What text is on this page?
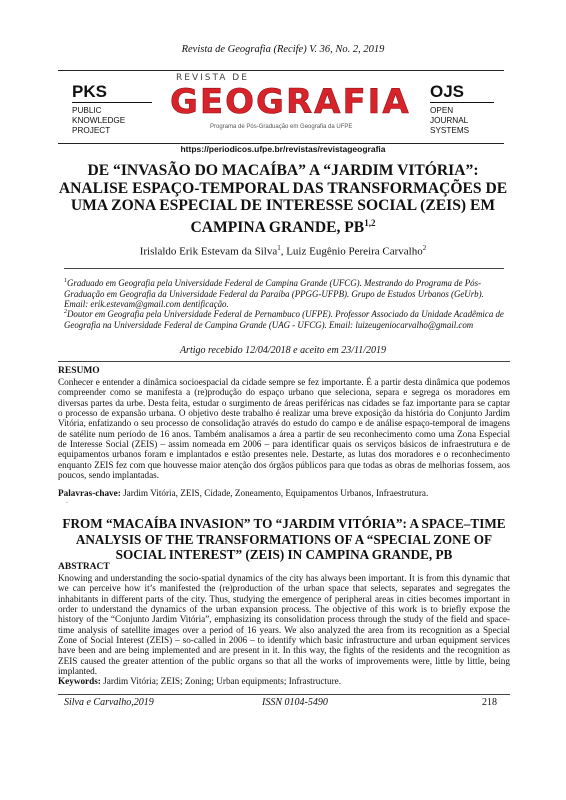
Revista de Geografia (Recife) V. 36, No. 2, 2019
PKS
PUBLIC
KNOWLEDGE
PROJECT
REVISTA DE
GEOGRAFIA
Programa de Pós-Graduação em Geografia da UFPE
OJS
OPEN
JOURNAL
SYSTEMS
https://periodicos.ufpe.br/revistas/revistageografia
DE “INVASÃO DO MACAÍBA” A “JARDIM VITÓRIA”:
ANALISE ESPAÇO-TEMPORAL DAS TRANSFORMAÇÕES DE
UMA ZONA ESPECIAL DE INTERESSE SOCIAL (ZEIS) EM
CAMPINA GRANDE, PB$^{1,2}$
Irislaldo Erik Estevam da Silva$^1$, Luiz Eugênio Pereira Carvalho$^2$
$^1$Graduado em Geografia pela Universidade Federal de Campina Grande (UFCG). Mestrando do Programa de Pós-Graduação em Geografia da Universidade Federal da Paraíba (PPGG-UFPB). Grupo de Estudos Urbanos (GeUrb). Email: erik.estevam@gmail.com dentificação.
$^2$Doutor em Geografia pela Universidade Federal de Pernambuco (UFPE). Professor Associado da Unidade Acadêmica de Geografia na Universidade Federal de Campina Grande (UAG - UFCG). Email: luizeugeniocarvalho@gmail.com
Artigo recebido 12/04/2018 e aceito em 23/11/2019
RESUMO
Conhecer e entender a dinâmica socioespacial da cidade sempre se fez importante. É a partir desta dinâmica que podemos compreender como se manifesta a (re)produção do espaço urbano que seleciona, separa e segrega os moradores em diversas partes da urbe. Desta feita, estudar o surgimento de áreas periféricas nas cidades se faz importante para se captar o processo de expansão urbana. O objetivo deste trabalho é realizar uma breve exposição da história do Conjunto Jardim Vitória, enfatizando o seu processo de consolidação através do estudo do campo e de análise espaço-temporal de imagens de satélite num período de 16 anos. Também analisamos a área a partir de seu reconhecimento como uma Zona Especial de Interesse Social (ZEIS) – assim nomeada em 2006 – para identificar quais os serviços básicos de infraestrutura e de equipamentos urbanos foram e implantados e estão presentes nele. Destarte, as lutas dos moradores e o reconhecimento enquanto ZEIS fez com que houvesse maior atenção dos órgãos públicos para que todas as obras de melhorias fossem, aos poucos, sendo implantadas.
Palavras-chave: Jardim Vitória, ZEIS, Cidade, Zoneamento, Equipamentos Urbanos, Infraestrutura.
.
FROM “MACAÍBA INVASION” TO “JARDIM VITÓRIA”: A SPACE–TIME
ANALYSIS OF THE TRANSFORMATIONS OF A “SPECIAL ZONE OF
SOCIAL INTEREST” (ZEIS) IN CAMPINA GRANDE, PB
ABSTRACT
Knowing and understanding the socio-spatial dynamics of the city has always been important. It is from this dynamic that we can perceive how it’s manifested the (re)production of the urban space that selects, separates and segregates the inhabitants in different parts of the city. Thus, studying the emergence of peripheral areas in cities becomes important in order to understand the dynamics of the urban expansion process. The objective of this work is to briefly expose the history of the “Conjunto Jardim Vitória”, emphasizing its consolidation process through the study of the field and space-time analysis of satellite images over a period of 16 years. We also analyzed the area from its recognition as a Special Zone of Social Interest (ZEIS) – so-called in 2006 – to identify which basic infrastructure and urban equipment services have been and are being implemented and are present in it. In this way, the fights of the residents and the recognition as ZEIS caused the greater attention of the public organs so that all the works of improvements were, little by little, being implanted.
Keywords: Jardim Vitória; ZEIS; Zoning; Urban equipments; Infrastructure.
Silva e Carvalho,2019	ISSN 0104-5490	218
